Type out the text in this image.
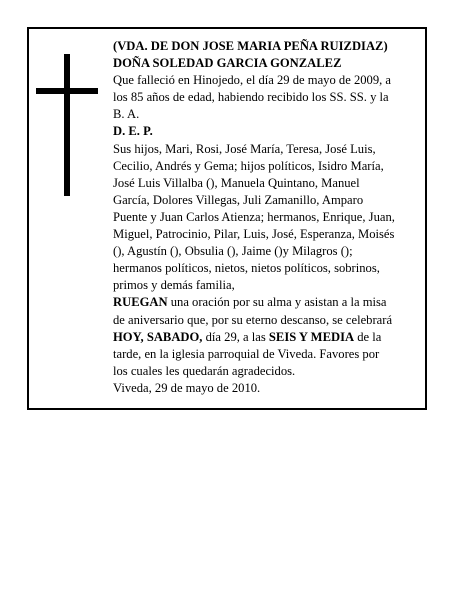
(VDA. DE DON JOSE MARIA PEÑA RUIZDIAZ)
DOÑA SOLEDAD GARCIA GONZALEZ
Que falleció en Hinojedo, el día 29 de mayo de 2009, a
los 85 años de edad, habiendo recibido los SS. SS. y la
B. A.
D. E. P.
Sus hijos, Mari, Rosi, José María, Teresa, José Luis,
Cecilio, Andrés y Gema; hijos políticos, Isidro María,
José Luis Villalba (), Manuela Quintano, Manuel
García, Dolores Villegas, Juli Zamanillo, Amparo
Puente y Juan Carlos Atienza; hermanos, Enrique, Juan,
Miguel, Patrocinio, Pilar, Luis, José, Esperanza, Moisés
(), Agustín (), Obsulia (), Jaime ()y Milagros ();
hermanos políticos, nietos, nietos políticos, sobrinos,
primos y demás familia,
RUEGAN una oración por su alma y asistan a la misa
de aniversario que, por su eterno descanso, se celebrará
HOY, SABADO, día 29, a las SEIS Y MEDIA de la
tarde, en la iglesia parroquial de Viveda. Favores por
los cuales les quedarán agradecidos.
Viveda, 29 de mayo de 2010.
